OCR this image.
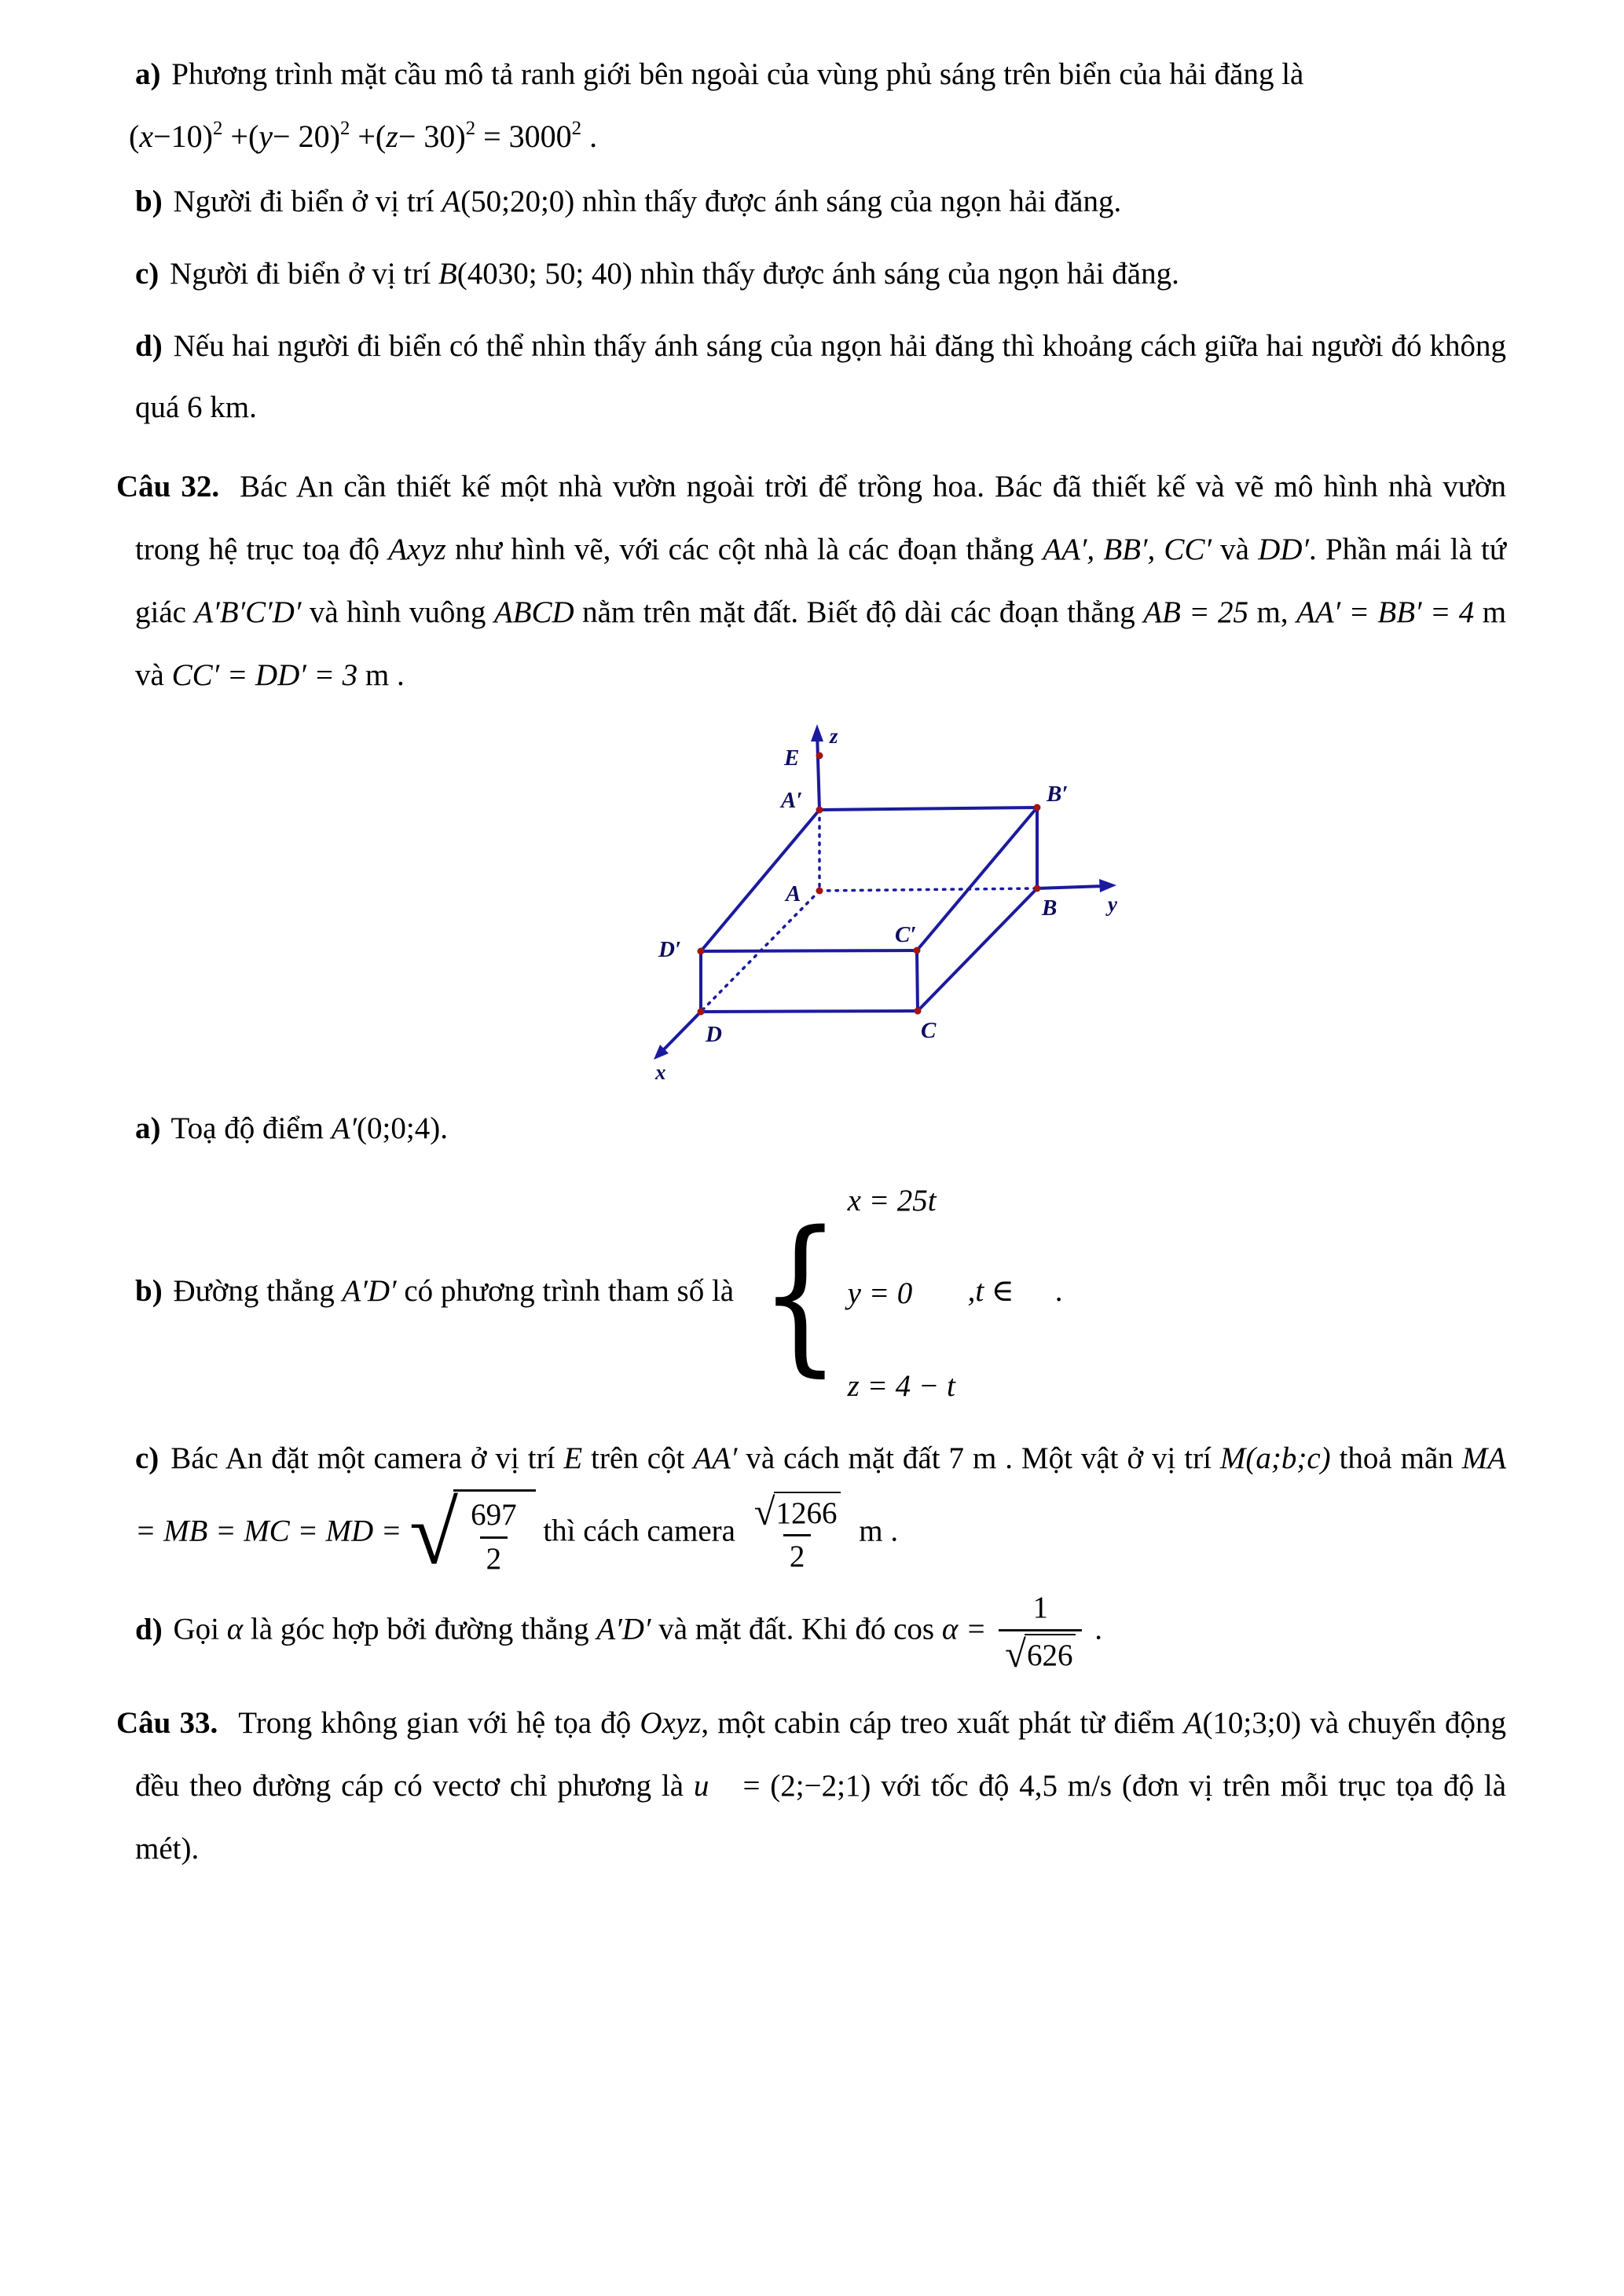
a) Phương trình mặt cầu mô tả ranh giới bên ngoài của vùng phủ sáng trên biển của hải đăng là
$(x-10)^2 +(y- 20)^2 +(z- 30)^2 = 3000^2$ .
b) Người đi biển ở vị trí A(50;20;0) nhìn thấy được ánh sáng của ngọn hải đăng.
c) Người đi biển ở vị trí B(4030; 50; 40) nhìn thấy được ánh sáng của ngọn hải đăng.
d) Nếu hai người đi biển có thể nhìn thấy ánh sáng của ngọn hải đăng thì khoảng cách giữa hai người đó không quá 6 km.
Câu 32. Bác An cần thiết kế một nhà vườn ngoài trời để trồng hoa. Bác đã thiết kế và vẽ mô hình nhà vườn trong hệ trục toạ độ Axyz như hình vẽ, với các cột nhà là các đoạn thẳng AA′, BB′, CC′ và DD′. Phần mái là tứ giác A′B′C′D′ và hình vuông ABCD nằm trên mặt đất. Biết độ dài các đoạn thẳng AB = 25 m, AA′ = BB′ = 4 m và CC′ = DD′ = 3 m .
z
E
A′	B′
A
B y
D′
C′
D	C
x
a) Toạ độ điểm A′(0;0;4).
b) Đường thẳng A′D′ có phương trình tham số là { x = 25t
y = 0
z = 4 − t
,t ∈ .
c) Bác An đặt một camera ở vị trí E trên cột AA′ và cách mặt đất 7 m . Một vật ở vị trí M(a;b;c) thoả mãn MA = MB = MC = MD = √ $\frac{697}{2}$ thì cách camera $\frac{√ 1266}{2}$ m .
d) Gọi α là góc hợp bởi đường thẳng A′D′ và mặt đất. Khi đó $\cos \alpha = \frac{1}{√ 626}$ .
Câu 33. Trong không gian với hệ tọa độ Oxyz, một cabin cáp treo xuất phát từ điểm A(10;3;0) và chuyển động đều theo đường cáp có vectơ chỉ phương là u⃗ = (2;−2;1) với tốc độ 4,5 m/s (đơn vị trên mỗi trục tọa độ là mét).
